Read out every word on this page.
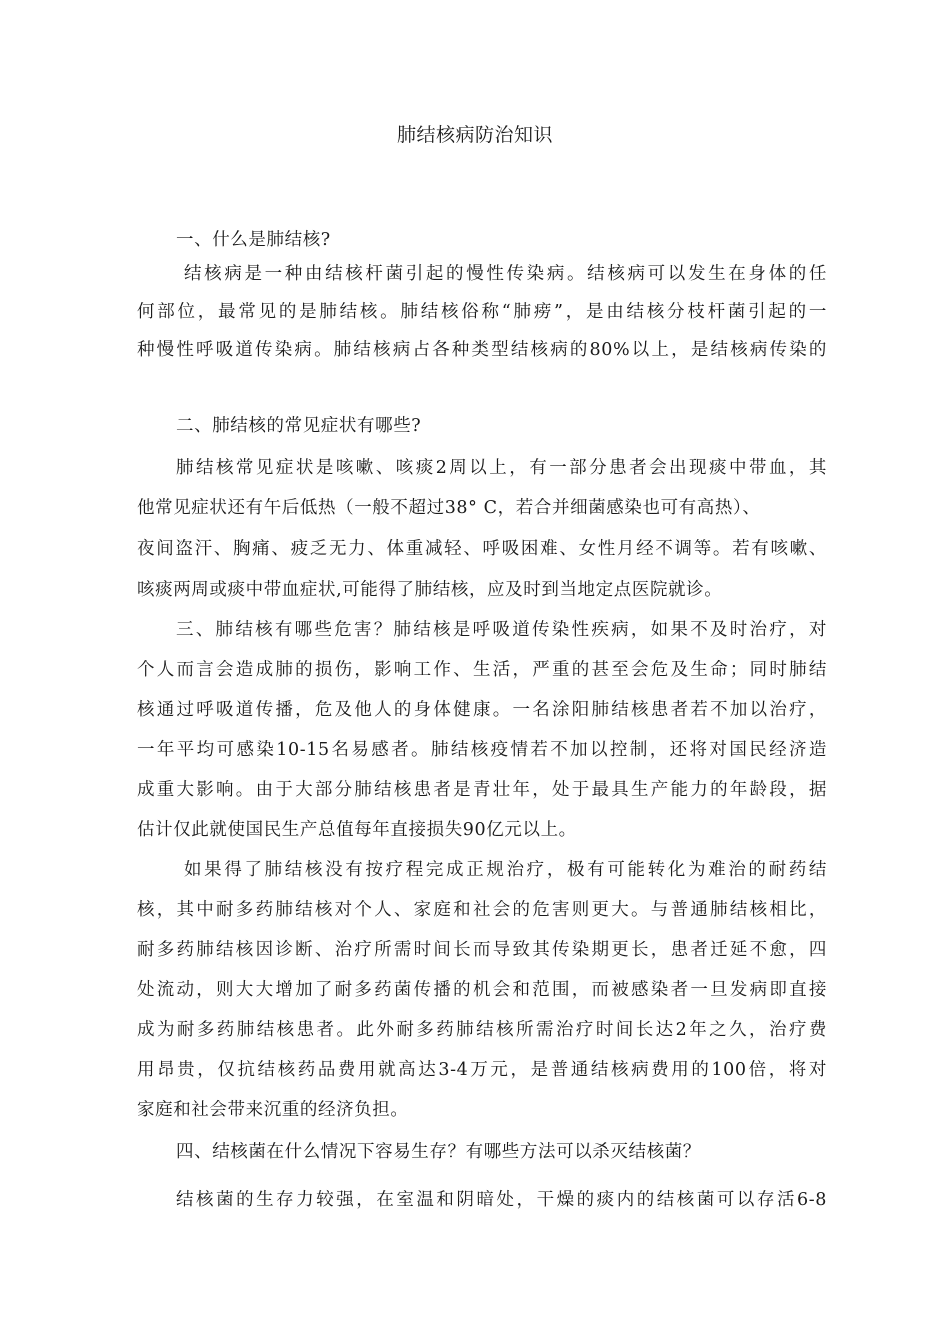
肺结核病防治知识
一、什么是肺结核?
结核病是一种由结核杆菌引起的慢性传染病。结核病可以发生在身体的任
何部位，最常见的是肺结核。肺结核俗称“肺痨”，是由结核分枝杆菌引起的一
种慢性呼吸道传染病。肺结核病占各种类型结核病的80%以上，是结核病传染的
二、肺结核的常见症状有哪些?
肺结核常见症状是咳嗽、咳痰2周以上，有一部分患者会出现痰中带血，其
他常见症状还有午后低热（一般不超过38° C，若合并细菌感染也可有高热）、
夜间盗汗、胸痛、疲乏无力、体重减轻、呼吸困难、女性月经不调等。若有咳嗽、
咳痰两周或痰中带血症状,可能得了肺结核，应及时到当地定点医院就诊。
三、肺结核有哪些危害？肺结核是呼吸道传染性疾病，如果不及时治疗，对
个人而言会造成肺的损伤，影响工作、生活，严重的甚至会危及生命；同时肺结
核通过呼吸道传播，危及他人的身体健康。一名涂阳肺结核患者若不加以治疗，
一年平均可感染10-15名易感者。肺结核疫情若不加以控制，还将对国民经济造
成重大影响。由于大部分肺结核患者是青壮年，处于最具生产能力的年龄段，据
估计仅此就使国民生产总值每年直接损失90亿元以上。
如果得了肺结核没有按疗程完成正规治疗，极有可能转化为难治的耐药结
核，其中耐多药肺结核对个人、家庭和社会的危害则更大。与普通肺结核相比，
耐多药肺结核因诊断、治疗所需时间长而导致其传染期更长，患者迁延不愈，四
处流动，则大大增加了耐多药菌传播的机会和范围，而被感染者一旦发病即直接
成为耐多药肺结核患者。此外耐多药肺结核所需治疗时间长达2年之久，治疗费
用昂贵，仅抗结核药品费用就高达3-4万元，是普通结核病费用的100倍，将对
家庭和社会带来沉重的经济负担。
四、结核菌在什么情况下容易生存？有哪些方法可以杀灭结核菌？
结核菌的生存力较强，在室温和阴暗处，干燥的痰内的结核菌可以存活6-8
